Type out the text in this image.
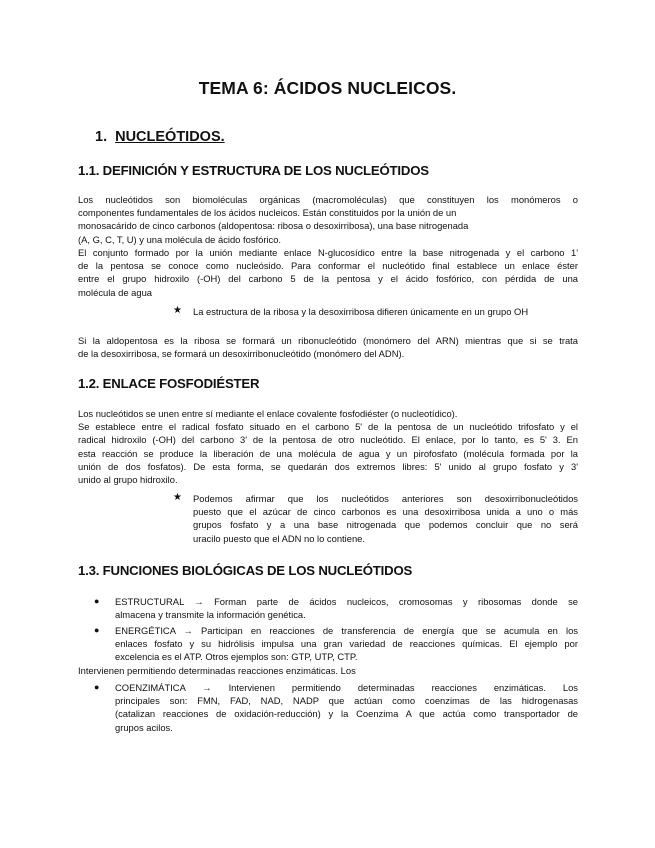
TEMA 6: ÁCIDOS NUCLEICOS.
1. NUCLEÓTIDOS.
1.1. DEFINICIÓN Y ESTRUCTURA DE LOS NUCLEÓTIDOS
Los nucleótidos son biomoléculas orgánicas (macromoléculas) que constituyen los monómeros o
componentes fundamentales de los ácidos nucleicos. Están constituidos por la unión de un
monosacárido de cinco carbonos (aldopentosa: ribosa o desoxirribosa), una base nitrogenada
(A, G, C, T, U) y una molécula de ácido fosfórico.
El conjunto formado por la unión mediante enlace N-glucosídico entre la base nitrogenada y el carbono 1'
de la pentosa se conoce como nucleósido. Para conformar el nucleótido final establece un enlace éster
entre el grupo hidroxilo (-OH) del carbono 5 de la pentosa y el ácido fosfórico, con pérdida de una
molécula de agua
★ La estructura de la ribosa y la desoxirribosa difieren únicamente en un grupo OH
Si la aldopentosa es la ribosa se formará un ribonucleótido (monómero del ARN) mientras que si se trata
de la desoxirribosa, se formará un desoxirribonucleótido (monómero del ADN).
1.2. ENLACE FOSFODIÉSTER
Los nucleótidos se unen entre sí mediante el enlace covalente fosfodiéster (o nucleotídico).
Se establece entre el radical fosfato situado en el carbono 5' de la pentosa de un nucleótido trifosfato y el
radical hidroxilo (-OH) del carbono 3' de la pentosa de otro nucleótido. El enlace, por lo tanto, es 5' 3. En
esta reacción se produce la liberación de una molécula de agua y un pirofosfato (molécula formada por la
unión de dos fosfatos). De esta forma, se quedarán dos extremos libres: 5' unido al grupo fosfato y 3'
unido al grupo hidroxilo.
★ Podemos afirmar que los nucleótidos anteriores son desoxirribonucleótidos
puesto que el azúcar de cinco carbonos es una desoxirribosa unida a uno o más
grupos fosfato y a una base nitrogenada que podemos concluir que no será
uracilo puesto que el ADN no lo contiene.
1.3. FUNCIONES BIOLÓGICAS DE LOS NUCLEÓTIDOS
● ESTRUCTURAL → Forman parte de ácidos nucleicos, cromosomas y ribosomas donde se
almacena y transmite la información genética.
● ENERGÉTICA → Participan en reacciones de transferencia de energía que se acumula en los
enlaces fosfato y su hidrólisis impulsa una gran variedad de reacciones químicas. El ejemplo por
excelencia es el ATP. Otros ejemplos son: GTP, UTP, CTP.
Intervienen permitiendo determinadas reacciones enzimáticas. Los
● COENZIMÁTICA → Intervienen permitiendo determinadas reacciones enzimáticas. Los
principales son: FMN, FAD, NAD, NADP que actúan como coenzimas de las hidrogenasas
(catalizan reacciones de oxidación-reducción) y la Coenzima A que actúa como transportador de
grupos acilos.
